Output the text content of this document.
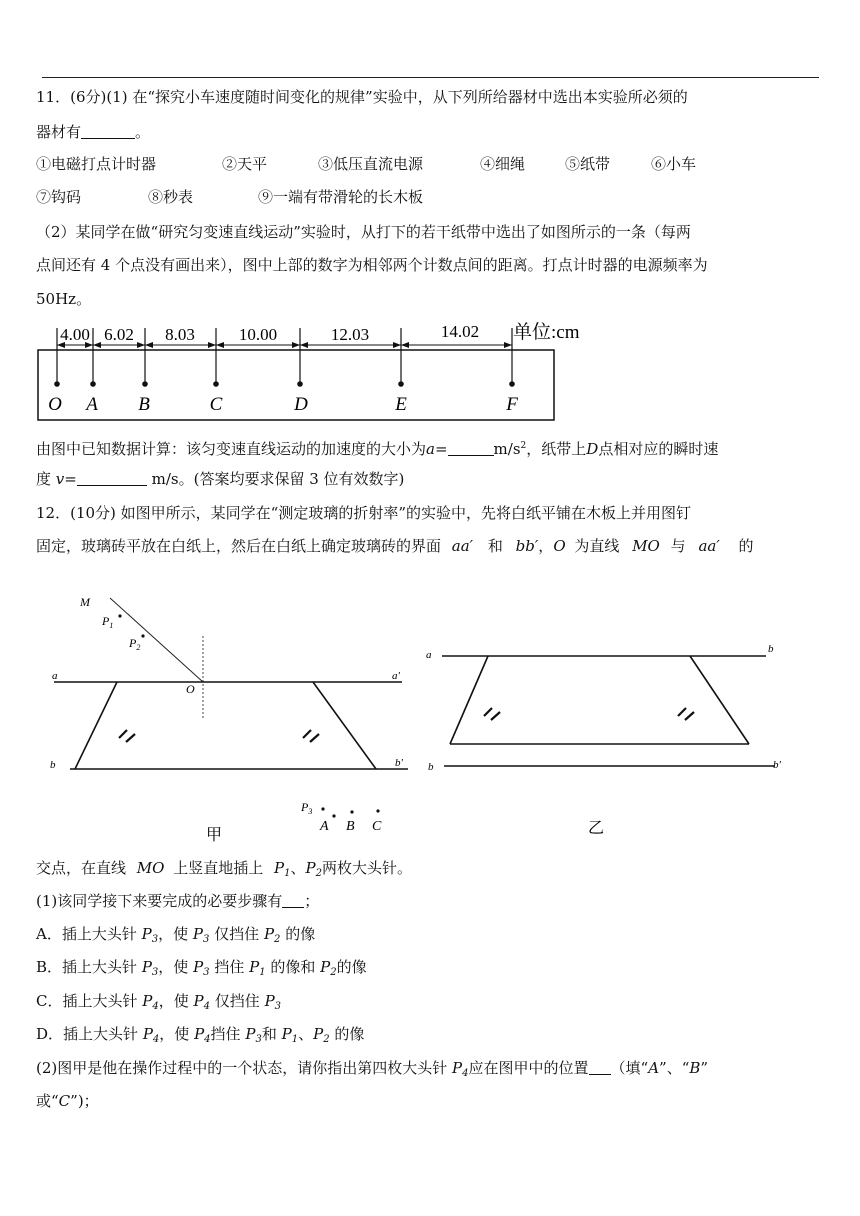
11．(6分)(1) 在“探究小车速度随时间变化的规律”实验中，从下列所给器材中选出本实验所必须的
器材有	。
①电磁打点计时器	②天平	③低压直流电源	④细绳	⑤纸带	⑥小车
⑦钩码	⑧秒表	⑨一端有带滑轮的长木板
（2）某同学在做“研究匀变速直线运动”实验时，从打下的若干纸带中选出了如图所示的一条（每两
点间还有 4 个点没有画出来），图中上部的数字为相邻两个计数点间的距离。打点计时器的电源频率为
50Hz。
4.00 6.02 8.03	10.00	12.03	14.02 单位:cm
O A B	C	D	E	F
由图中已知数据计算：该匀变速直线运动的加速度的大小为a=	$m/s^2$，纸带上D点相对应的瞬时速
度 v=	m/s。(答案均要求保留 3 位有效数字)
12．(10分) 如图甲所示，某同学在“测定玻璃的折射率”的实验中，先将白纸平铺在木板上并用图钉
固定，玻璃砖平放在白纸上，然后在白纸上确定玻璃砖的界面 aa′ 和 bb′，O 为直线 MO 与 aa′ 的
M
$P_1$
$P_2$
a	a'
b	b'
O
$P_3$
A B C
甲
a	b
b	b'
乙
交点，在直线 MO 上竖直地插上 $P_1$、$P_2$两枚大头针。
(1)该同学接下来要完成的必要步骤有 ；
A．插上大头针 $P_3$，使 $P_3$ 仅挡住 $P_2$ 的像
B．插上大头针 $P_3$，使 $P_3$ 挡住 $P_1$ 的像和 $P_2$的像
C．插上大头针 $P_4$，使 $P_4$ 仅挡住 $P_3$
D．插上大头针 $P_4$，使 $P_4$挡住 $P_3$和 $P_1$、$P_2$ 的像
(2)图甲是他在操作过程中的一个状态，请你指出第四枚大头针 $P_4$应在图甲中的位置 （填“A”、“B”
或“C”)；
